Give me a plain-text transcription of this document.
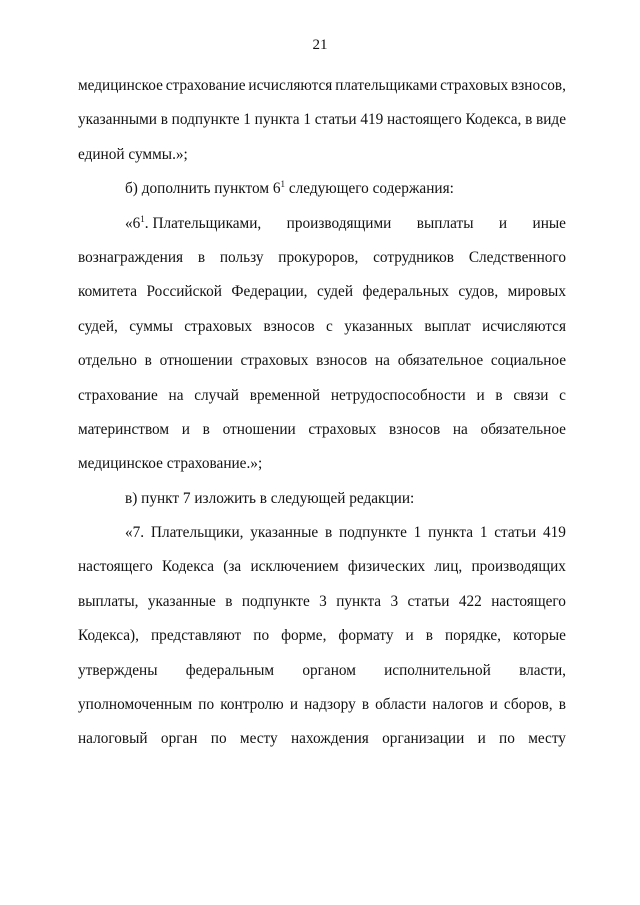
21
медицинское страхование исчисляются плательщиками страховых взносов,
указанными в подпункте 1 пункта 1 статьи 419 настоящего Кодекса, в виде
единой суммы.»;
б) дополнить пунктом $6^1$ следующего содержания:
«$6^1$. Плательщиками, производящими выплаты и иные
вознаграждения в пользу прокуроров, сотрудников Следственного
комитета Российской Федерации, судей федеральных судов, мировых
судей, суммы страховых взносов с указанных выплат исчисляются
отдельно в отношении страховых взносов на обязательное социальное
страхование на случай временной нетрудоспособности и в связи с
материнством и в отношении страховых взносов на обязательное
медицинское страхование.»;
в) пункт 7 изложить в следующей редакции:
«7. Плательщики, указанные в подпункте 1 пункта 1 статьи 419
настоящего Кодекса (за исключением физических лиц, производящих
выплаты, указанные в подпункте 3 пункта 3 статьи 422 настоящего
Кодекса), представляют по форме, формату и в порядке, которые
утверждены федеральным органом исполнительной власти,
уполномоченным по контролю и надзору в области налогов и сборов, в
налоговый орган по месту нахождения организации и по месту
